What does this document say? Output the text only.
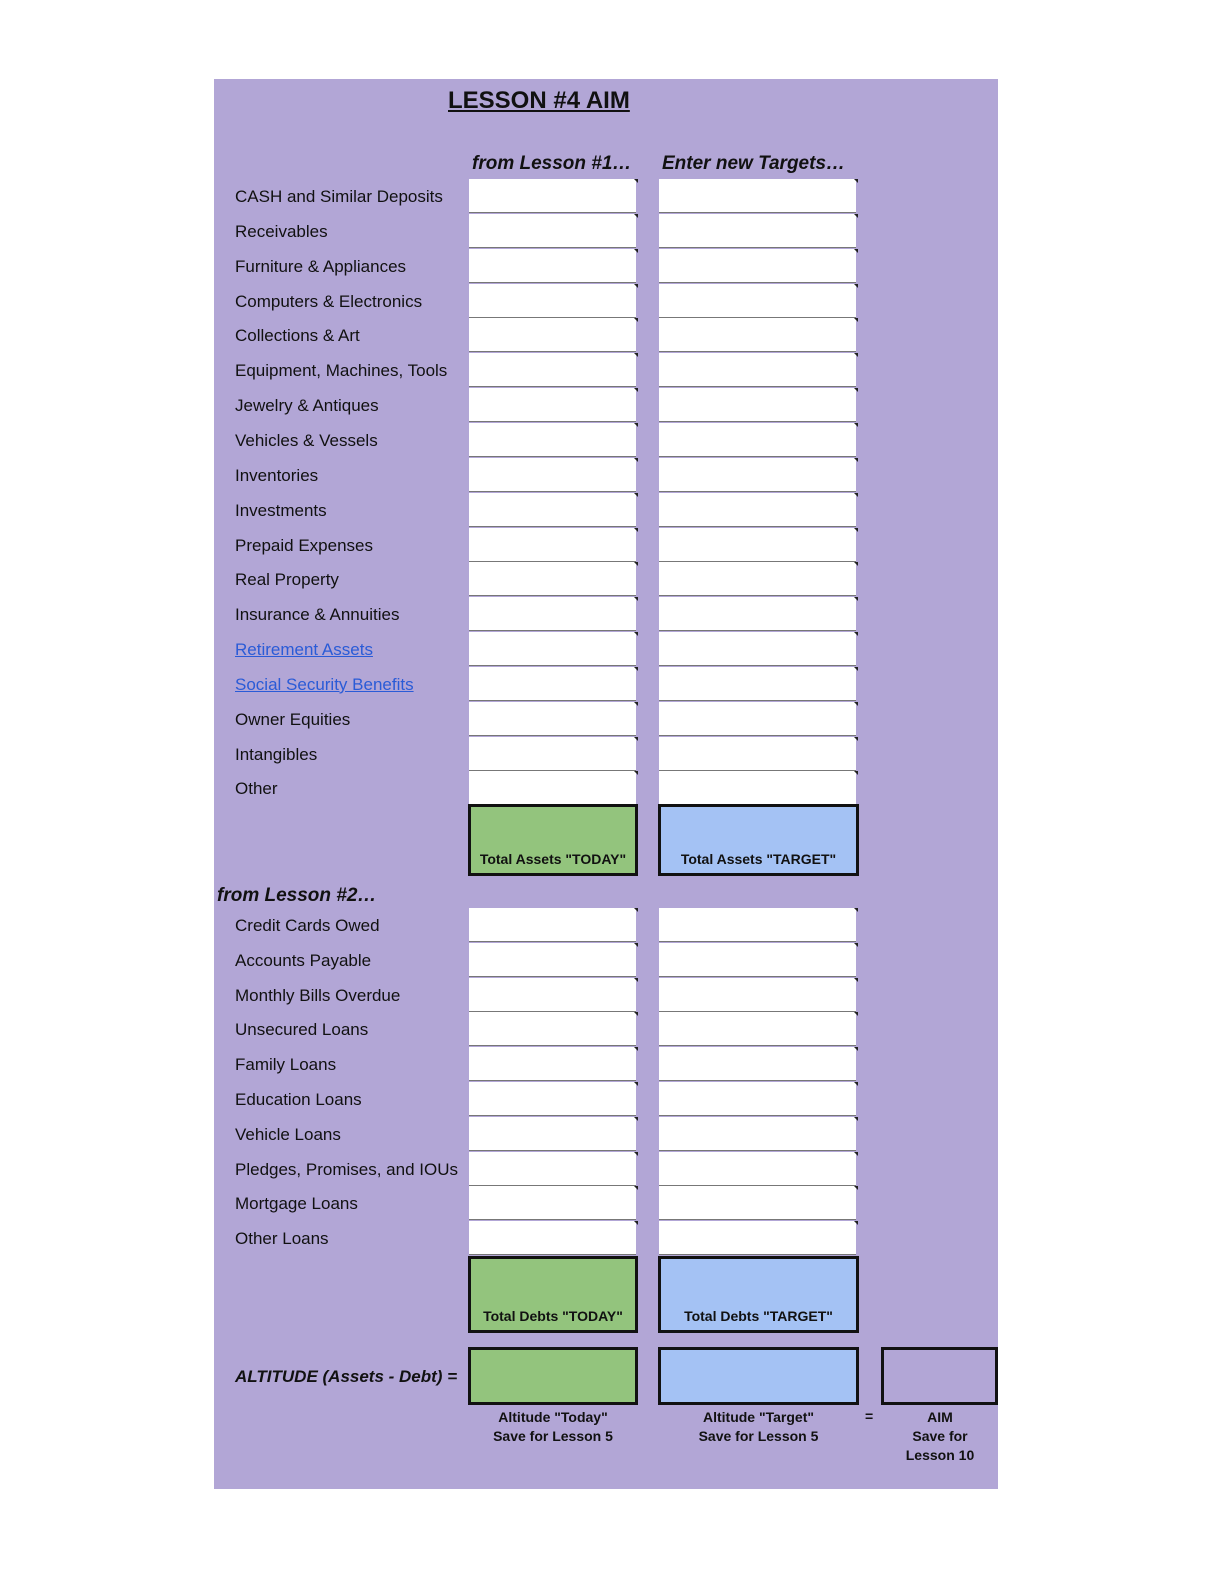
LESSON #4 AIM
from Lesson #1… Enter new Targets…
CASH and Similar Deposits
Receivables
Furniture & Appliances
Computers & Electronics
Collections & Art
Equipment, Machines, Tools
Jewelry & Antiques
Vehicles & Vessels
Inventories
Investments
Prepaid Expenses
Real Property
Insurance & Annuities
Retirement Assets
Social Security Benefits
Owner Equities
Intangibles
Other
Total Assets "TODAY"	Total Assets "TARGET"
from Lesson #2…
Credit Cards Owed
Accounts Payable
Monthly Bills Overdue
Unsecured Loans
Family Loans
Education Loans
Vehicle Loans
Pledges, Promises, and IOUs
Mortgage Loans
Other Loans
Total Debts "TODAY"	Total Debts "TARGET"
ALTITUDE (Assets - Debt) =
Altitude "Today"
Save for Lesson 5
Altitude "Target"
Save for Lesson 5
=	AIM
Save for
Lesson 10
